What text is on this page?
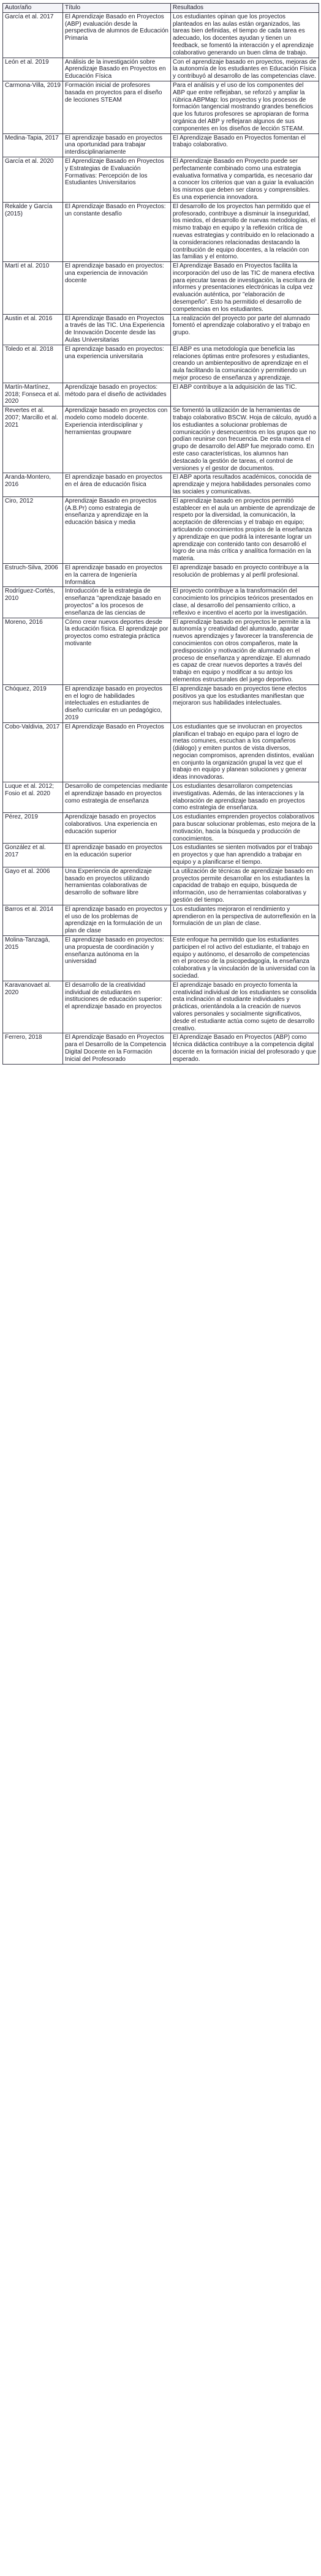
Autor/año	Título	Resultados
García et al. 2017	El Aprendizaje Basado en Proyectos (ABP) evaluación desde la perspectiva de alumnos de Educación Primaria	Los estudiantes opinan que los proyectos planteados en las aulas están organizados, las tareas bien definidas, el tiempo de cada tarea es adecuado, los docentes ayudan y tienen un feedback, se fomentó la interacción y el aprendizaje colaborativo generando un buen clima de trabajo.
León et al. 2019	Análisis de la investigación sobre Aprendizaje Basado en Proyectos en Educación Física	Con el aprendizaje basado en proyectos, mejoras de la autonomía de los estudiantes en Educación Física y contribuyó al desarrollo de las competencias clave.
Carmona-Villa, 2019	Formación inicial de profesores basada en proyectos para el diseño de lecciones STEAM	Para el análisis y el uso de los componentes del ABP que entre reflejaban, se reforzó y ampliar la rúbrica ABPMap: los proyectos y los procesos de formación tangencial mostrando grandes beneficios que los futuros profesores se apropiaran de forma orgánica del ABP y reflejaran algunos de sus componentes en los diseños de lección STEAM.
Medina-Tapia, 2017	El aprendizaje basado en proyectos una oportunidad para trabajar interdisciplinariamente	El Aprendizaje Basado en Proyectos fomentan el trabajo colaborativo.
García et al. 2020	El Aprendizaje Basado en Proyectos y Estrategias de Evaluación Formativas: Percepción de los Estudiantes Universitarios	El Aprendizaje Basado en Proyecto puede ser perfectamente combinado como una estrategia evaluativa formativa y compartida, es necesario dar a conocer los criterios que van a guiar la evaluación los mismos que deben ser claros y comprensibles. Es una experiencia innovadora.
Rekalde y García (2015)	El Aprendizaje Basado en Proyectos: un constante desafío	El desarrollo de los proyectos han permitido que el profesorado, contribuye a disminuir la inseguridad, los miedos, el desarrollo de nuevas metodologías, el mismo trabajo en equipo y la reflexión crítica de nuevas estrategias y contribuido en lo relacionado a la consideraciones relacionadas destacando la contribución de equipo docentes, a la relación con las familias y el entorno.
Martí et al. 2010	El aprendizaje basado en proyectos: una experiencia de innovación docente	El Aprendizaje Basado en Proyectos facilita la incorporación del uso de las TIC de manera efectiva para ejecutar tareas de investigación, la escritura de informes y presentaciones electrónicas la culpa vez evaluación auténtica, por "elaboración de desempeño". Esto ha permitido el desarrollo de competencias en los estudiantes.
Austin et al. 2016	El Aprendizaje Basado en Proyectos a través de las TIC. Una Experiencia de Innovación Docente desde las Aulas Universitarias	La realización del proyecto por parte del alumnado fomentó el aprendizaje colaborativo y el trabajo en grupo.
Toledo et al. 2018	El aprendizaje basado en proyectos: una experiencia universitaria	El ABP es una metodología que beneficia las relaciones óptimas entre profesores y estudiantes, creando un ambientepositivo de aprendizaje en el aula facilitando la comunicación y permitiendo un mejor proceso de enseñanza y aprendizaje.
Martín-Martínez, 2018; Fonseca et al. 2020	Aprendizaje basado en proyectos: método para el diseño de actividades	El ABP contribuye a la adquisición de las TIC.
Revertes et al. 2007; Marcillo et al. 2021	Aprendizaje basado en proyectos con modelo como modelo docente. Experiencia interdisciplinar y herramientas groupware	Se fomentó la utilización de la herramientas de trabajo colaborativo BSCW. Hoja de cálculo, ayudó a los estudiantes a solucionar problemas de comunicación y desencuentros en los grupos que no podían reunirse con frecuencia. De esta manera el grupo de desarrollo del ABP fue mejorado como. En este caso características, los alumnos han destacado la gestión de tareas, el control de versiones y el gestor de documentos.
Aranda-Montero, 2016	El aprendizaje basado en proyectos en el área de educación física	El ABP aporta resultados académicos, conocida de aprendizaje y mejora habilidades personales como las sociales y comunicativas.
Ciro, 2012	Aprendizaje Basado en proyectos (A.B.Pr) como estrategia de enseñanza y aprendizaje en la educación básica y media	El aprendizaje basado en proyectos permitió establecer en el aula un ambiente de aprendizaje de respeto por la diversidad, la comunicación, la aceptación de diferencias y el trabajo en equipo; articulando conocimientos propios de la enseñanza y aprendizaje en que podrá la interesante lograr un aprendizaje con contenido tanto con desarrolló el logro de una más crítica y analítica formación en la materia.
Estruch-Silva, 2006	El aprendizaje basado en proyectos en la carrera de Ingeniería Informática	El aprendizaje basado en proyecto contribuye a la resolución de problemas y al perfil profesional.
Rodríguez-Cortés, 2010	Introducción de la estrategia de enseñanza "aprendizaje basado en proyectos" a los procesos de enseñanza de las ciencias de	El proyecto contribuye a la transformación del conocimiento los principios teóricos presentados en clase, al desarrollo del pensamiento crítico, a reflexivo e incentivo el acerto por la investigación.
Moreno, 2016	Cómo crear nuevos deportes desde la educación física. El aprendizaje por proyectos como estrategia práctica motivante	El aprendizaje basado en proyectos le permite a la autonomía y creatividad del alumnado, apartar nuevos aprendizajes y favorecer la transferencia de conocimientos con otros compañeros, mate la predisposición y motivación de alumnado en el proceso de enseñanza y aprendizaje. El alumnado es capaz de crear nuevos deportes a través del trabajo en equipo y modificar a su antojo los elementos estructurales del juego deportivo.
Chóquez, 2019	El aprendizaje basado en proyectos en el logro de habilidades intelectuales en estudiantes de diseño curricular en un pedagógico, 2019	El aprendizaje basado en proyectos tiene efectos positivos ya que los estudiantes manifiestan que mejoraron sus habilidades intelectuales.
Cobo-Valdivia, 2017	El Aprendizaje Basado en Proyectos	Los estudiantes que se involucran en proyectos planifican el trabajo en equipo para el logro de metas comunes, escuchan a los compañeros (diálogo) y emiten puntos de vista diversos, negocian compromisos, aprenden distintos, evalúan en conjunto la organización grupal la vez que el trabajo en equipo y planean soluciones y generar ideas innovadoras.
Luque et al. 2012; Fosio et al. 2020	Desarrollo de competencias mediante el aprendizaje basado en proyectos como estrategia de enseñanza	Los estudiantes desarrollaron competencias investigativas. Además, de las interacciones y la elaboración de aprendizaje basado en proyectos como estrategia de enseñanza.
Pérez, 2019	Aprendizaje basado en proyectos colaborativos. Una experiencia en educación superior	Los estudiantes emprenden proyectos colaborativos para buscar solucionar problemas, esto mejora de la motivación, hacia la búsqueda y producción de conocimientos.
González et al. 2017	El aprendizaje basado en proyectos en la educación superior	Los estudiantes se sienten motivados por el trabajo en proyectos y que han aprendido a trabajar en equipo y a planificarse el tiempo.
Gayo et al. 2006	Una Experiencia de aprendizaje basado en proyectos utilizando herramientas colaborativas de desarrollo de software libre	La utilización de técnicas de aprendizaje basado en proyectos permite desarrollar en los estudiantes la capacidad de trabajo en equipo, búsqueda de información, uso de herramientas colaborativas y gestión del tiempo.
Barros et al. 2014	El aprendizaje basado en proyectos y el uso de los problemas de aprendizaje en la formulación de un plan de clase	Los estudiantes mejoraron el rendimiento y aprendieron en la perspectiva de autorreflexión en la formulación de un plan de clase.
Molina-Tanzagá, 2015	El aprendizaje basado en proyectos: una propuesta de coordinación y enseñanza autónoma en la universidad	Este enfoque ha permitido que los estudiantes participen el rol activo del estudiante, el trabajo en equipo y autónomo, el desarrollo de competencias en el proceso de la psicopedagogía, la enseñanza colaborativa y la vinculación de la universidad con la sociedad.
Karavanovaet al. 2020	El desarrollo de la creatividad individual de estudiantes en instituciones de educación superior: el aprendizaje basado en proyectos	El aprendizaje basado en proyecto fomenta la creatividad individual de los estudiantes se consolida esta inclinación al estudiante individuales y prácticas, orientándola a la creación de nuevos valores personales y socialmente significativos, desde el estudiante actúa como sujeto de desarrollo creativo.
Ferrero, 2018	El Aprendizaje Basado en Proyectos para el Desarrollo de la Competencia Digital Docente en la Formación Inicial del Profesorado	El Aprendizaje Basado en Proyectos (ABP) como técnica didáctica contribuye a la competencia digital docente en la formación inicial del profesorado y que esperado.
